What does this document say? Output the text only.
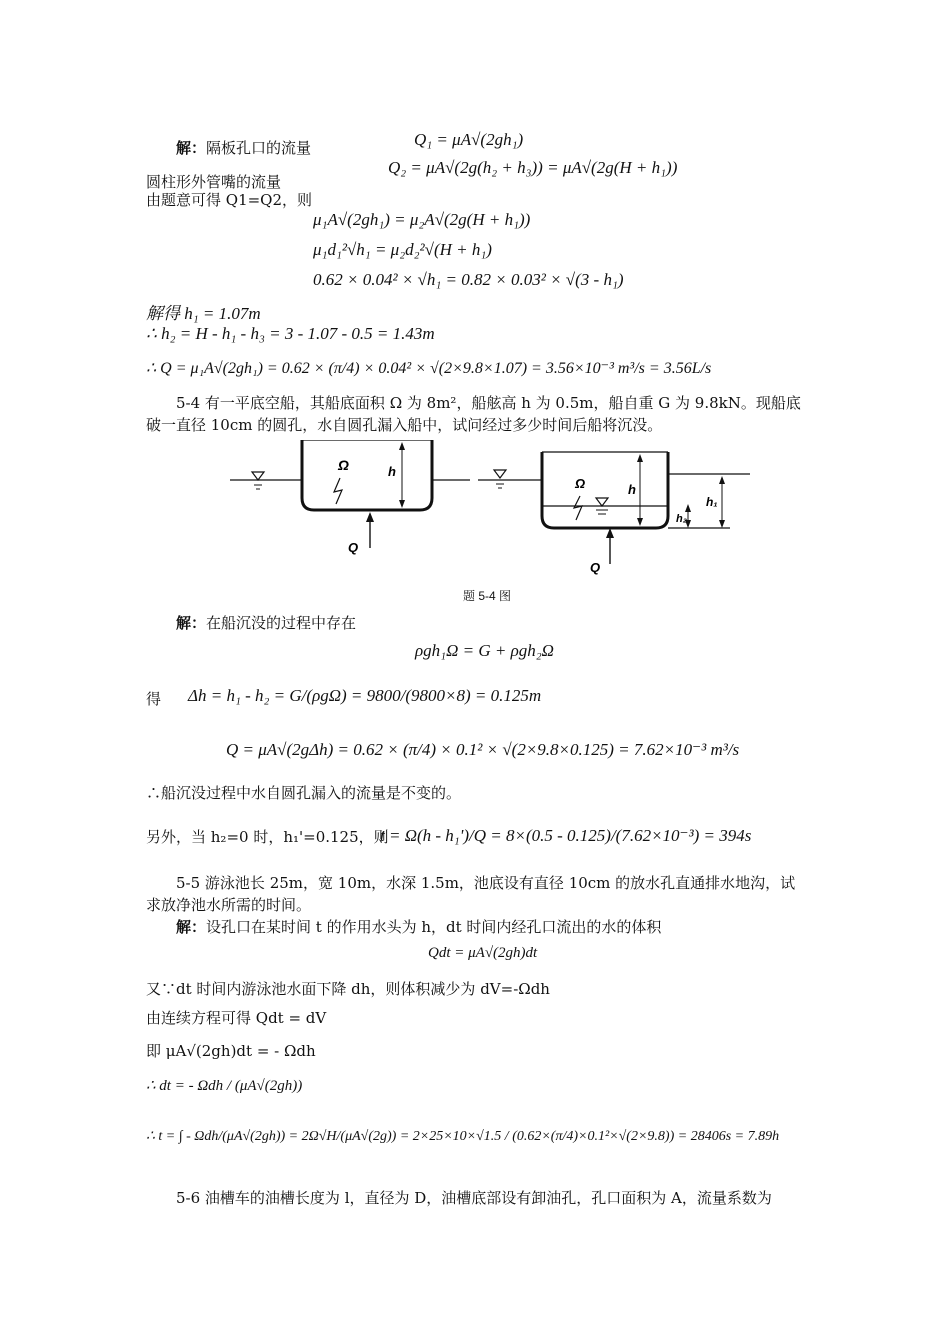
解：隔板孔口的流量	Q₁ = μA√(2gh₁)
Q₂ = μA√(2g(h₂ + h₃)) = μA√(2g(H + h₁))
圆柱形外管嘴的流量
由题意可得 Q1=Q2，则
μ₁A√(2gh₁) = μ₂A√(2g(H + h₁))
μ₁d₁²√h₁ = μ₂d₂²√(H + h₁)
0.62 × 0.04² × √h₁ = 0.82 × 0.03² × √(3 - h₁)
解得 h₁ = 1.07m
∴ h₂ = H - h₁ - h₃ = 3 - 1.07 - 0.5 = 1.43m
∴ Q = μ₁A√(2gh₁) = 0.62 × (π/4) × 0.04² × √(2×9.8×1.07) = 3.56×10⁻³ m³/s = 3.56L/s
5-4 有一平底空船，其船底面积 Ω 为 8m²，船舷高 h 为 0.5m，船自重 G 为 9.8kN。现船底破一直径 10cm 的圆孔，水自圆孔漏入船中，试问经过多少时间后船将沉没。
h
Ω
Q
Ω	h
h₁
h₂
Q
题 5-4 图
解：在船沉没的过程中存在
ρgh₁Ω = G + ρgh₂Ω
得 Δh = h₁ - h₂ = G/(ρgΩ) = 9800/(9800×8) = 0.125m
Q = μA√(2gΔh) = 0.62 × (π/4) × 0.1² × √(2×9.8×0.125) = 7.62×10⁻³ m³/s
∴船沉没过程中水自圆孔漏入的流量是不变的。
另外，当 h₂=0 时，h₁'=0.125，则
t = Ω(h - h₁')/Q = 8×(0.5 - 0.125)/(7.62×10⁻³) = 394s
5-5 游泳池长 25m，宽 10m，水深 1.5m，池底设有直径 10cm 的放水孔直通排水地沟，试求放净池水所需的时间。
解：设孔口在某时间 t 的作用水头为 h，dt 时间内经孔口流出的水的体积
Qdt = μA√(2gh)dt
又∵dt 时间内游泳池水面下降 dh，则体积减少为 dV=-Ωdh
由连续方程可得 Qdt = dV
即 μA√(2gh)dt = - Ωdh
∴ dt = - Ωdh / (μA√(2gh))
∴ t = ∫ - Ωdh/(μA√(2gh)) = 2Ω√H/(μA√(2g)) = 2×25×10×√1.5 / (0.62×(π/4)×0.1²×√(2×9.8)) = 28406s = 7.89h
5-6 油槽车的油槽长度为 l，直径为 D，油槽底部设有卸油孔，孔口面积为 A，流量系数为
